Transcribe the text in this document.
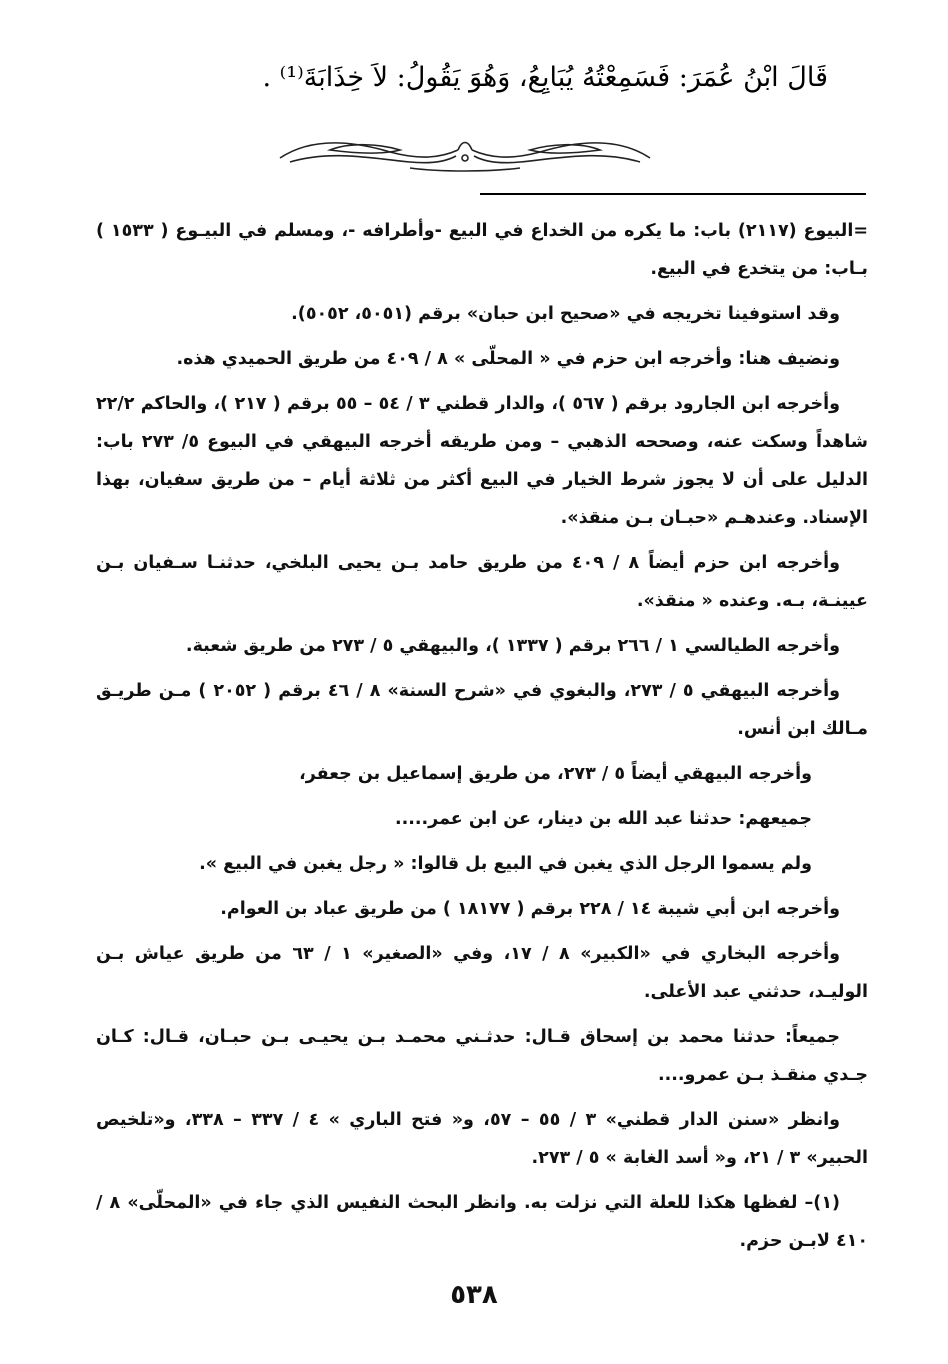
قَالَ ابْنُ عُمَرَ: فَسَمِعْتُهُ يُبَايِعُ، وَهُوَ يَقُولُ: لاَ خِذَابَةَ⁽¹⁾ .

=البيوع (٢١١٧) باب: ما يكره من الخداع في البيع -وأطرافه -، ومسلم في البيـوع ( ١٥٣٣ ) بـاب: من يتخدع في البيع.

وقد استوفينا تخريجه في «صحيح ابن حبان» برقم (٥٠٥١، ٥٠٥٢).

ونضيف هنا: وأخرجه ابن حزم في « المحلّى » ٨ / ٤٠٩ من طريق الحميدي هذه.

وأخرجه ابن الجارود برقم ( ٥٦٧ )، والدار قطني ٣ / ٥٤ – ٥٥ برقم ( ٢١٧ )، والحاكم ٢٢/٢ شاهداً وسكت عنه، وصححه الذهبي – ومن طريقه أخرجه البيهقي في البيوع ٥/ ٢٧٣ باب: الدليل على أن لا يجوز شرط الخيار في البيع أكثر من ثلاثة أيام – من طريق سفيان، بهذا الإسناد. وعندهـم «حبـان بـن منقذ».

وأخرجه ابن حزم أيضاً ٨ / ٤٠٩ من طريق حامد بـن يحيى البلخي، حدثنـا سـفيان بـن عيينـة، بـه. وعنده « منقذ».

وأخرجه الطيالسي ١ / ٢٦٦ برقم ( ١٣٣٧ )، والبيهقي ٥ / ٢٧٣ من طريق شعبة.

وأخرجه البيهقي ٥ / ٢٧٣، والبغوي في «شرح السنة» ٨ / ٤٦ برقم ( ٢٠٥٢ ) مـن طريـق مـالك ابن أنس.

وأخرجه البيهقي أيضاً ٥ / ٢٧٣، من طريق إسماعيل بن جعفر،

جميعهم: حدثنا عبد الله بن دينار، عن ابن عمر.....

ولم يسموا الرجل الذي يغبن في البيع بل قالوا: « رجل يغبن في البيع ».

وأخرجه ابن أبي شيبة ١٤ / ٢٢٨ برقم ( ١٨١٧٧ ) من طريق عباد بن العوام.

وأخرجه البخاري في «الكبير» ٨ / ١٧، وفي «الصغير» ١ / ٦٣ من طريق عياش بـن الوليـد، حدثني عبد الأعلى.

جميعاً: حدثنا محمد بن إسحاق قـال: حدثـني محمـد بـن يحيـى بـن حبـان، قـال: كـان جـدي منقـذ بـن عمرو....

وانظر «سنن الدار قطني» ٣ / ٥٥ – ٥٧، و« فتح الباري » ٤ / ٣٣٧ – ٣٣٨، و«تلخيص الحبير» ٣ / ٢١، و« أسد الغابة » ٥ / ٢٧٣.

(١)– لفظها هكذا للعلة التي نزلت به. وانظر البحث النفيس الذي جاء في «المحلّى» ٨ / ٤١٠ لابـن حزم.

٥٣٨
